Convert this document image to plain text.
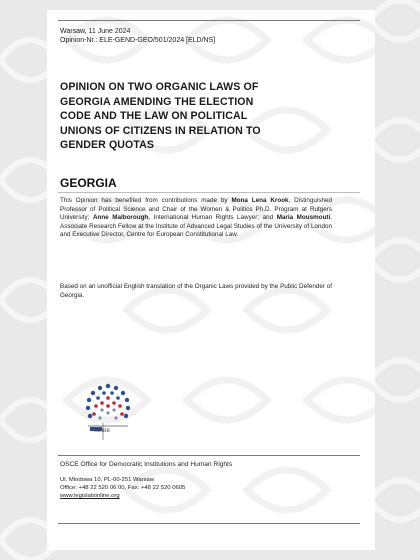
Warsaw, 11 June 2024
Opinion-Nr.: ELE-GEND-GEO/501/2024 [ELD/NS]
OPINION ON TWO ORGANIC LAWS OF
GEORGIA AMENDING THE ELECTION
CODE AND THE LAW ON POLITICAL
UNIONS OF CITIZENS IN RELATION TO
GENDER QUOTAS
GEORGIA
This Opinion has benefited from contributions made by Mona Lena Krook, Distinguished Professor of Political Science and Chair of the Women & Politics Ph.D. Program at Rutgers University; Anne Malborough, International Human Rights Lawyer; and Maria Mousmouti, Associate Research Fellow at the Institute of Advanced Legal Studies of the University of London and Executive Director, Centre for European Constitutional Law.
Based on an unofficial English translation of the Organic Laws provided by the Public Defender of Georgia.
ODIHR
OSCE Office for Democratic Institutions and Human Rights
Ul. Miodowa 10, PL-00-251 Warsaw
Office: +48 22 520 06 00, Fax: +48 22 520 0605
www.legislationline.org
